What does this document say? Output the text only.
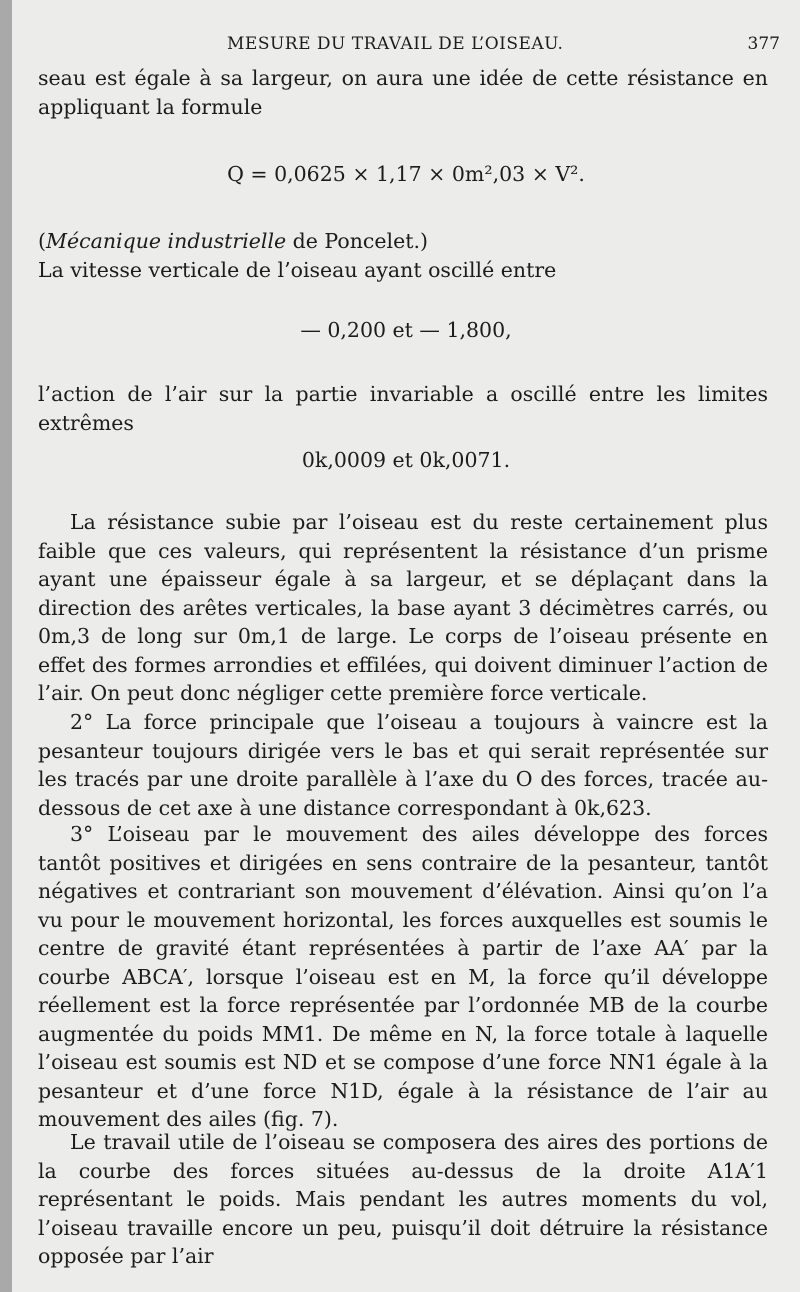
MESURE DU TRAVAIL DE L’OISEAU.	377

seau est égale à sa largeur, on aura une idée de cette résistance en appliquant la formule

Q = 0,0625 × 1,17 × 0m²,03 × V².

(Mécanique industrielle de Poncelet.)

La vitesse verticale de l’oiseau ayant oscillé entre

— 0,200 et — 1,800,

l’action de l’air sur la partie invariable a oscillé entre les limites extrêmes

0k,0009 et 0k,0071.

La résistance subie par l’oiseau est du reste certainement plus faible que ces valeurs, qui représentent la résistance d’un prisme ayant une épaisseur égale à sa largeur, et se déplaçant dans la direction des arêtes verticales, la base ayant 3 décimètres carrés, ou 0m,3 de long sur 0m,1 de large. Le corps de l’oiseau présente en effet des formes arrondies et effilées, qui doivent diminuer l’action de l’air. On peut donc négliger cette première force verticale.

2° La force principale que l’oiseau a toujours à vaincre est la pesanteur toujours dirigée vers le bas et qui serait représentée sur les tracés par une droite parallèle à l’axe du O des forces, tracée au-dessous de cet axe à une distance correspondant à 0k,623.

3° L’oiseau par le mouvement des ailes développe des forces tantôt positives et dirigées en sens contraire de la pesanteur, tantôt négatives et contrariant son mouvement d’élévation. Ainsi qu’on l’a vu pour le mouvement horizontal, les forces auxquelles est soumis le centre de gravité étant représentées à partir de l’axe AA′ par la courbe ABCA′, lorsque l’oiseau est en M, la force qu’il développe réellement est la force représentée par l’ordonnée MB de la courbe augmentée du poids MM1. De même en N, la force totale à laquelle l’oiseau est soumis est ND et se compose d’une force NN1 égale à la pesanteur et d’une force N1D, égale à la résistance de l’air au mouvement des ailes (fig. 7).

Le travail utile de l’oiseau se composera des aires des portions de la courbe des forces situées au-dessus de la droite A1A′1 représentant le poids. Mais pendant les autres moments du vol, l’oiseau travaille encore un peu, puisqu’il doit détruire la résistance opposée par l’air
